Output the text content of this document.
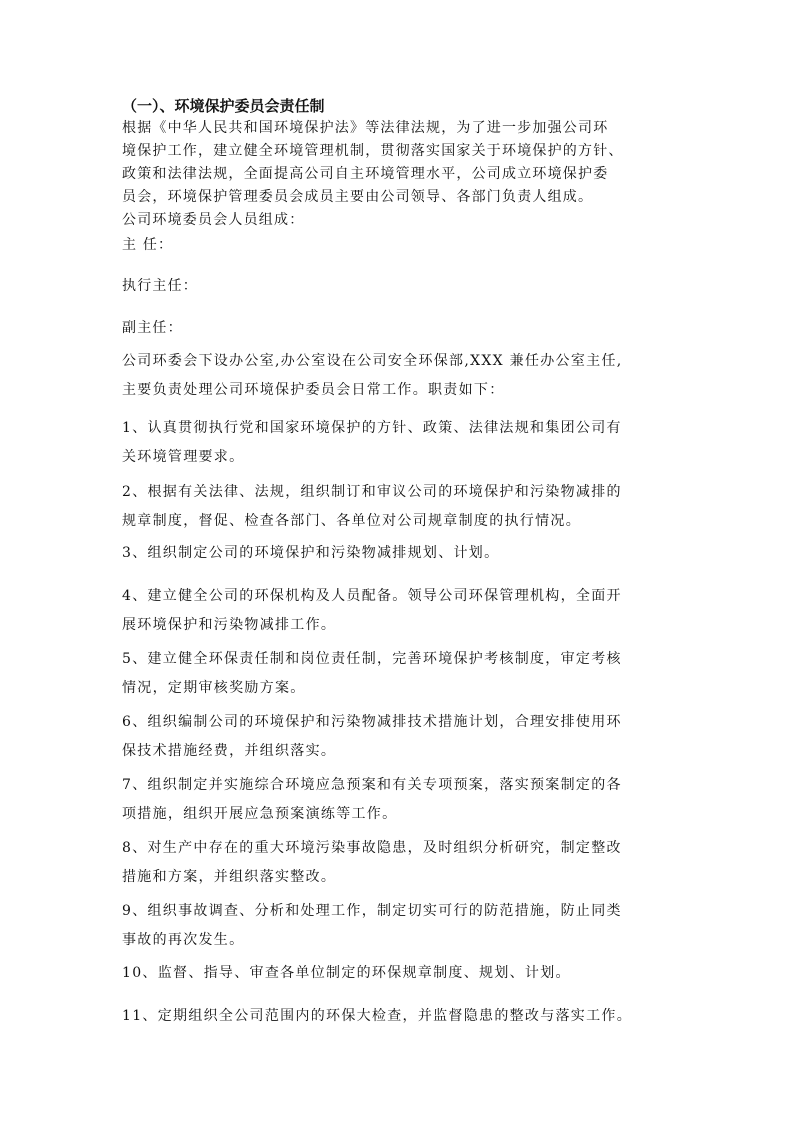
（一）、环境保护委员会责任制
根据《中华人民共和国环境保护法》等法律法规，为了进一步加强公司环
境保护工作，建立健全环境管理机制，贯彻落实国家关于环境保护的方针、
政策和法律法规，全面提高公司自主环境管理水平，公司成立环境保护委
员会，环境保护管理委员会成员主要由公司领导、各部门负责人组成。
公司环境委员会人员组成：
主 任：
执行主任：
副主任：
公司环委会下设办公室,办公室设在公司安全环保部,XXX 兼任办公室主任,
主要负责处理公司环境保护委员会日常工作。职责如下：
1、认真贯彻执行党和国家环境保护的方针、政策、法律法规和集团公司有
关环境管理要求。
2、根据有关法律、法规，组织制订和审议公司的环境保护和污染物减排的
规章制度，督促、检查各部门、各单位对公司规章制度的执行情况。
3、组织制定公司的环境保护和污染物减排规划、计划。
4、建立健全公司的环保机构及人员配备。领导公司环保管理机构，全面开
展环境保护和污染物减排工作。
5、建立健全环保责任制和岗位责任制，完善环境保护考核制度，审定考核
情况，定期审核奖励方案。
6、组织编制公司的环境保护和污染物减排技术措施计划，合理安排使用环
保技术措施经费，并组织落实。
7、组织制定并实施综合环境应急预案和有关专项预案，落实预案制定的各
项措施，组织开展应急预案演练等工作。
8、对生产中存在的重大环境污染事故隐患，及时组织分析研究，制定整改
措施和方案，并组织落实整改。
9、组织事故调查、分析和处理工作，制定切实可行的防范措施，防止同类
事故的再次发生。
10、监督、指导、审查各单位制定的环保规章制度、规划、计划。
11、定期组织全公司范围内的环保大检查，并监督隐患的整改与落实工作。
